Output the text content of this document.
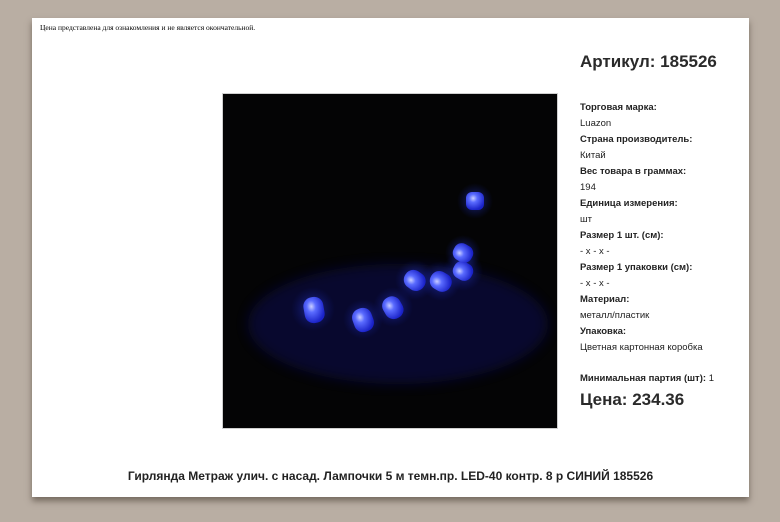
Цена представлена для ознакомления и не является окончательной.
Артикул: 185526
Торговая марка:
Luazon
Страна производитель:
Китай
Вес товара в граммах:
194
Единица измерения:
шт
Размер 1 шт. (см):
- x - x -
Размер 1 упаковки (см):
- x - x -
Материал:
металл/пластик
Упаковка:
Цветная картонная коробка
Минимальная партия (шт): 1
Цена: 234.36
Гирлянда Метраж улич. с насад. Лампочки 5 м темн.пр. LED-40 контр. 8 р СИНИЙ 185526
